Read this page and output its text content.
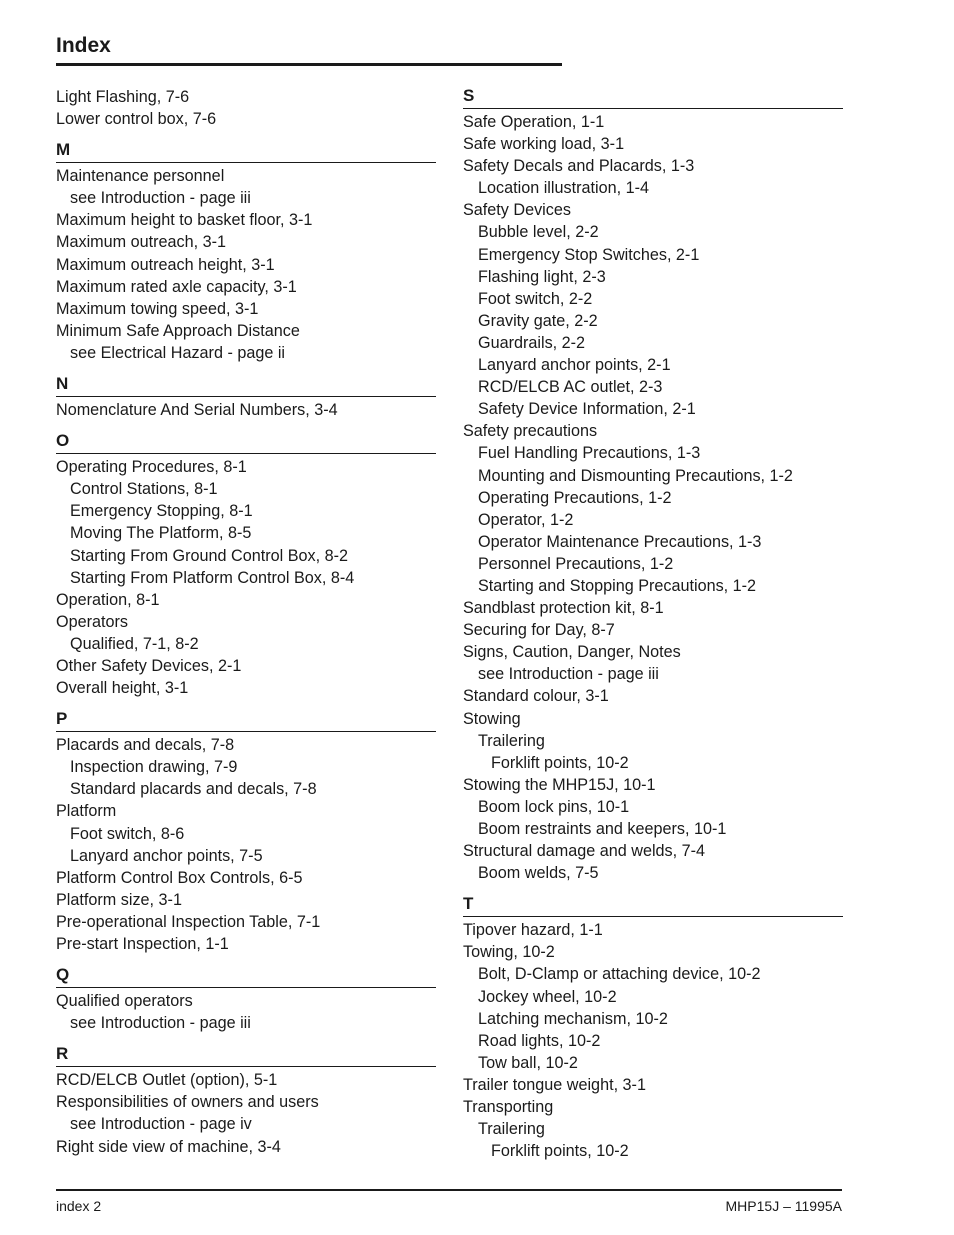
Index
Light Flashing, 7-6
Lower control box, 7-6
M
Maintenance personnel
see Introduction - page iii
Maximum height to basket floor, 3-1
Maximum outreach, 3-1
Maximum outreach height, 3-1
Maximum rated axle capacity, 3-1
Maximum towing speed, 3-1
Minimum Safe Approach Distance
see Electrical Hazard - page ii
N
Nomenclature And Serial Numbers, 3-4
O
Operating Procedures, 8-1
Control Stations, 8-1
Emergency Stopping, 8-1
Moving The Platform, 8-5
Starting From Ground Control Box, 8-2
Starting From Platform Control Box, 8-4
Operation, 8-1
Operators
Qualified, 7-1, 8-2
Other Safety Devices, 2-1
Overall height, 3-1
P
Placards and decals, 7-8
Inspection drawing, 7-9
Standard placards and decals, 7-8
Platform
Foot switch, 8-6
Lanyard anchor points, 7-5
Platform Control Box Controls, 6-5
Platform size, 3-1
Pre-operational Inspection Table, 7-1
Pre-start Inspection, 1-1
Q
Qualified operators
see Introduction - page iii
R
RCD/ELCB Outlet (option), 5-1
Responsibilities of owners and users
see Introduction - page iv
Right side view of machine, 3-4
S
Safe Operation, 1-1
Safe working load, 3-1
Safety Decals and Placards, 1-3
Location illustration, 1-4
Safety Devices
Bubble level, 2-2
Emergency Stop Switches, 2-1
Flashing light, 2-3
Foot switch, 2-2
Gravity gate, 2-2
Guardrails, 2-2
Lanyard anchor points, 2-1
RCD/ELCB AC outlet, 2-3
Safety Device Information, 2-1
Safety precautions
Fuel Handling Precautions, 1-3
Mounting and Dismounting Precautions, 1-2
Operating Precautions, 1-2
Operator, 1-2
Operator Maintenance Precautions, 1-3
Personnel Precautions, 1-2
Starting and Stopping Precautions, 1-2
Sandblast protection kit, 8-1
Securing for Day, 8-7
Signs, Caution, Danger, Notes
see Introduction - page iii
Standard colour, 3-1
Stowing
Trailering
Forklift points, 10-2
Stowing the MHP15J, 10-1
Boom lock pins, 10-1
Boom restraints and keepers, 10-1
Structural damage and welds, 7-4
Boom welds, 7-5
T
Tipover hazard, 1-1
Towing, 10-2
Bolt, D-Clamp or attaching device, 10-2
Jockey wheel, 10-2
Latching mechanism, 10-2
Road lights, 10-2
Tow ball, 10-2
Trailer tongue weight, 3-1
Transporting
Trailering
Forklift points, 10-2
index 2	MHP15J – 11995A
